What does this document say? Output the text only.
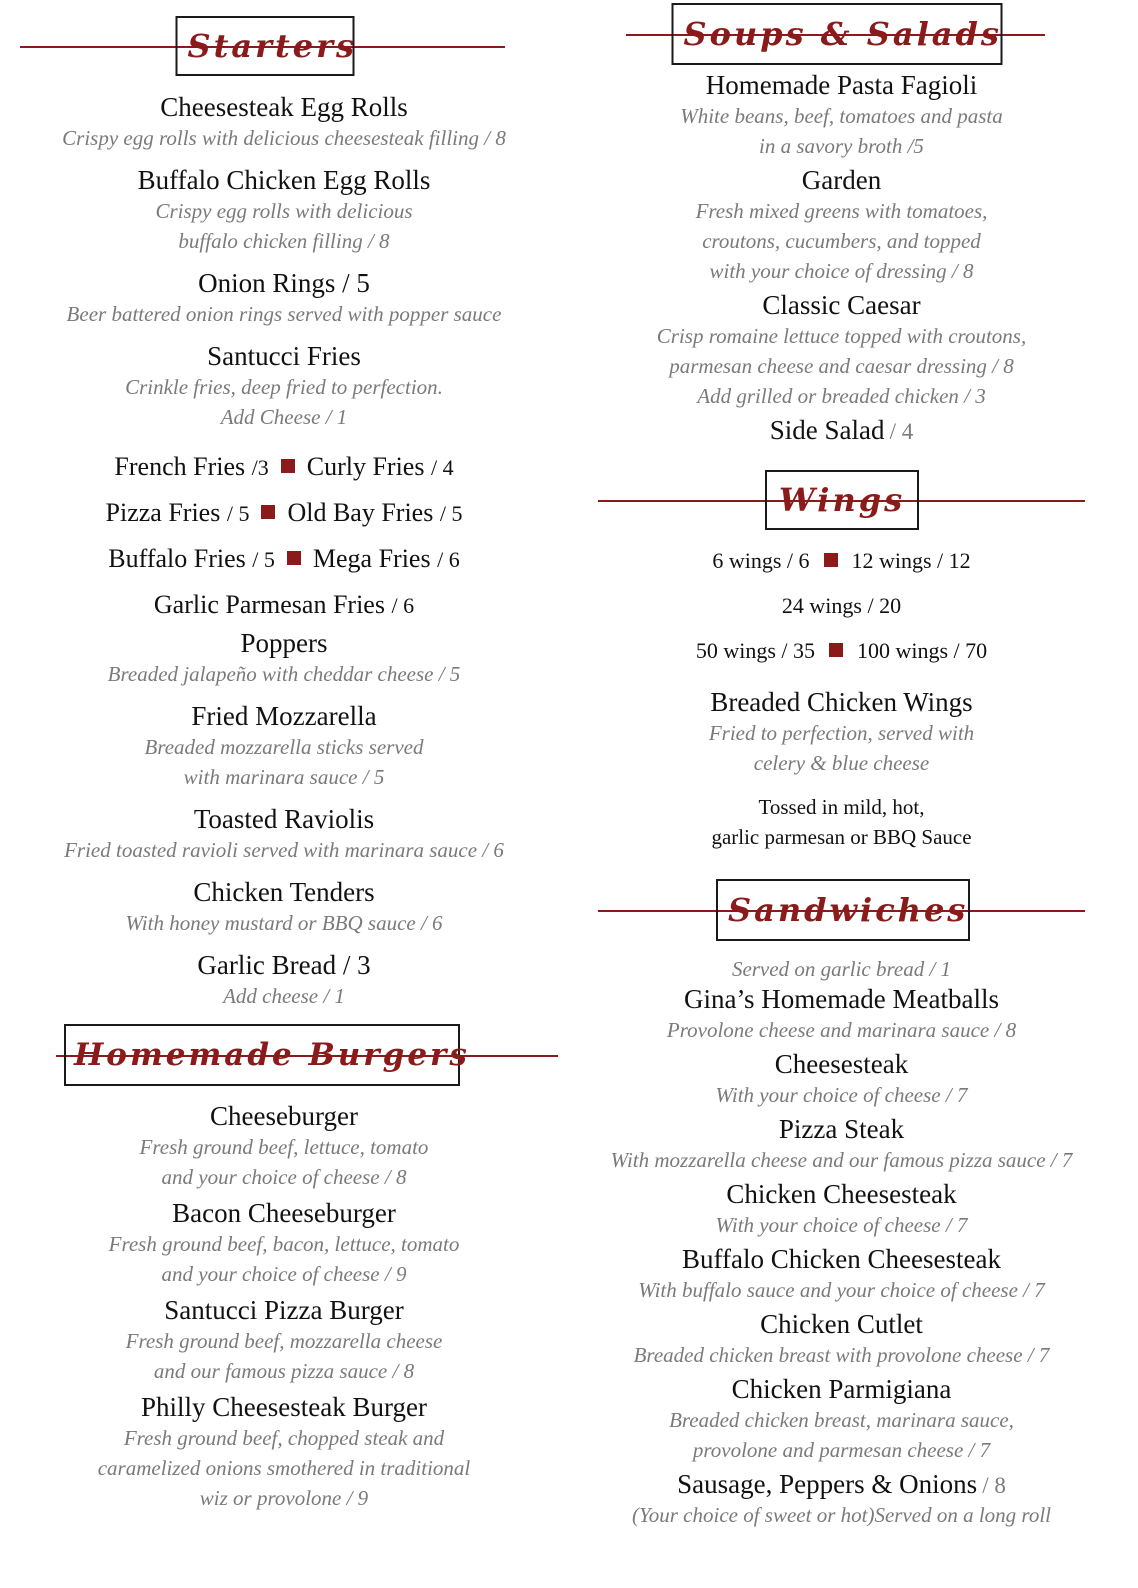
Starters
Cheesesteak Egg Rolls
Crispy egg rolls with delicious cheesesteak filling / 8
Buffalo Chicken Egg Rolls
Crispy egg rolls with delicious
buffalo chicken filling / 8
Onion Rings / 5
Beer battered onion rings served with popper sauce
Santucci Fries
Crinkle fries, deep fried to perfection.
Add Cheese / 1
French Fries /3 Curly Fries / 4
Pizza Fries / 5 Old Bay Fries / 5
Buffalo Fries / 5 Mega Fries / 6
Garlic Parmesan Fries / 6
Poppers
Breaded jalapeño with cheddar cheese / 5
Fried Mozzarella
Breaded mozzarella sticks served
with marinara sauce / 5
Toasted Raviolis
Fried toasted ravioli served with marinara sauce / 6
Chicken Tenders
With honey mustard or BBQ sauce / 6
Garlic Bread / 3
Add cheese / 1
Homemade Burgers
Cheeseburger
Fresh ground beef, lettuce, tomato
and your choice of cheese / 8
Bacon Cheeseburger
Fresh ground beef, bacon, lettuce, tomato
and your choice of cheese / 9
Santucci Pizza Burger
Fresh ground beef, mozzarella cheese
and our famous pizza sauce / 8
Philly Cheesesteak Burger
Fresh ground beef, chopped steak and
caramelized onions smothered in traditional
wiz or provolone / 9
Soups & Salads
Homemade Pasta Fagioli
White beans, beef, tomatoes and pasta
in a savory broth /5
Garden
Fresh mixed greens with tomatoes,
croutons, cucumbers, and topped
with your choice of dressing / 8
Classic Caesar
Crisp romaine lettuce topped with croutons,
parmesan cheese and caesar dressing / 8
Add grilled or breaded chicken / 3
Side Salad / 4
Wings
6 wings / 6 12 wings / 12
24 wings / 20
50 wings / 35 100 wings / 70
Breaded Chicken Wings
Fried to perfection, served with
celery & blue cheese
Tossed in mild, hot,
garlic parmesan or BBQ Sauce
Sandwiches
Served on garlic bread / 1
Gina’s Homemade Meatballs
Provolone cheese and marinara sauce / 8
Cheesesteak
With your choice of cheese / 7
Pizza Steak
With mozzarella cheese and our famous pizza sauce / 7
Chicken Cheesesteak
With your choice of cheese / 7
Buffalo Chicken Cheesesteak
With buffalo sauce and your choice of cheese / 7
Chicken Cutlet
Breaded chicken breast with provolone cheese / 7
Chicken Parmigiana
Breaded chicken breast, marinara sauce,
provolone and parmesan cheese / 7
Sausage, Peppers & Onions / 8
(Your choice of sweet or hot)Served on a long roll
